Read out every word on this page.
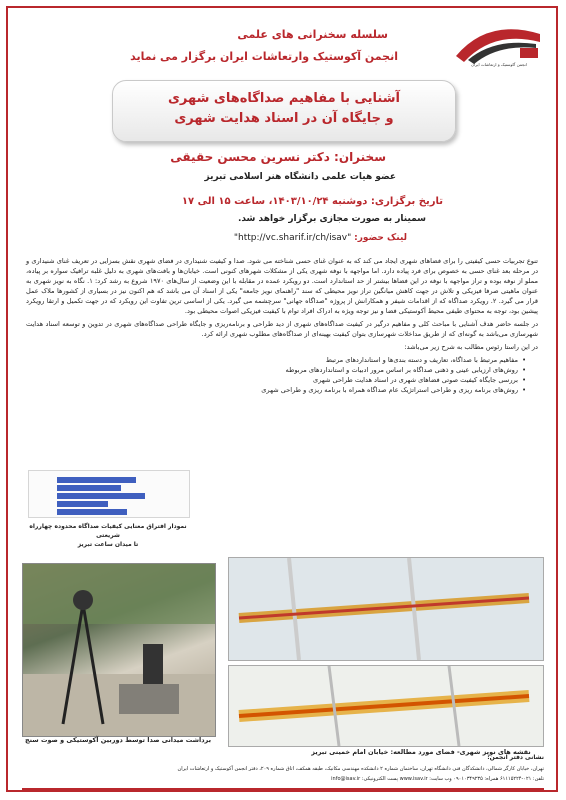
سلسله سخنرانی های علمی
انجمن آکوستیک وارتعاشات ایران برگزار می نماید
انجمن آکوستیک و ارتعاشات ایران
آشنایی با مفاهیم صداگاه‌های شهری
و جایگاه آن در اسناد هدایت شهری
سخنران: دکتر نسرین محسن حقیقی
عضو هیات علمی دانشگاه هنر اسلامی تبریز
تاریخ برگزاری: دوشنبه ۱۴۰۳/۱۰/۲۴، ساعت ۱۵ الی ۱۷
سمینار به صورت مجازی برگزار خواهد شد.
لینک حضور: "http://vc.sharif.ir/ch/isav"

تنوع تجربیات حسی کیفیتی را برای فضاهای شهری ایجاد می کند که به عنوان غنای حسی شناخته می شود. صدا و کیفیت شنیداری در فضای شهری نقش بسزایی در تعریف غنای شنیداری و در مرحله بعد غنای حسی به خصوص برای فرد پیاده دارد. اما مواجهه با نوفه شهری یکی از مشکلات شهرهای کنونی است. خیابان‌ها و بافت‌های شهری به دلیل غلبه ترافیک سواره بر پیاده، مملو از نوفه بوده و تراز مواجهه با نوفه در این فضاها بیشتر از حد استاندارد است. دو رویکرد عمده در مقابله با این وضعیت از سال‌های ۱۹۷۰ شروع به رشد کرد: ۱. نگاه به نویز شهری به عنوان ماهیتی صرفا فیزیکی و تلاش در جهت کاهش میانگین تراز نویز محیطی که سند "راهنمای نویز جامعه" یکی از اسناد آن می باشد که هم اکنون نیز در بسیاری از کشورها ملاک عمل قرار می گیرد. ۲. رویکرد صداگاه که از اقدامات شیفر و همکارانش از پروژه "صداگاه جهانی" سرچشمه می گیرد. یکی از اساسی ترین تفاوت این رویکرد که در جهت تکمیل و ارتقا رویکرد پیشین بود، توجه به محتوای طیفی محیط آکوستیکی فضا و نیز توجه ویژه به ادراک افراد توام با کیفیت فیزیکی اصوات محیطی بود.

در جلسه حاضر هدف آشنایی با مباحث کلی و مفاهیم درگیر در کیفیت صداگاه‌های شهری از دید طراحی و برنامه‌ریزی و جایگاه طراحی صداگاه‌های شهری در تدوین و توسعه اسناد هدایت شهرسازی می‌باشد به گونه‌ای که از طریق مداخلات شهرسازی بتوان کیفیت بهینه‌ای از صداگاه‌های مطلوب شهری ارائه کرد.

در این راستا رئوس مطالب به شرح زیر می‌باشد:

• مفاهیم مرتبط با صداگاه، تعاریف و دسته بندی‌ها و استانداردهای مرتبط
• روش‌های ارزیابی عینی و ذهنی صداگاه بر اساس مرور ادبیات و استانداردهای مربوطه
• بررسی جایگاه کیفیت صوتی فضاهای شهری در اسناد هدایت طراحی شهری
• روش‌های برنامه ریزی و طراحی استراتژیک عام صداگاه همراه با برنامه ریزی و طراحی شهری
نمودار افتراق معنایی کیفیات صداگاه محدوده چهارراه شریعتی
تا میدان ساعت تبریز
برداشت میدانی صدا توسط دوربین آکوستیکی و صوت سنج
نقشه های نویز شهری- فضای مورد مطالعه: خیابان امام خمینی تبریز
نشانی دفتر انجمن:
تهران، خیابان کارگر شمالی، دانشکدگان فنی دانشگاه تهران، ساختمان شماره ۲ دانشکده مهندسی مکانیک، طبقه همکف، اتاق شماره ۲۰۹، دفتر انجمن آکوستیک و ارتعاشات ایران
تلفن: ۰۲۱-۶۱۱۱۵۲۲۴ همراه: ۰۹۰۱۰۳۴۹۲۳۵ وب سایت: www.isav.ir پست الکترونیکی: info@isav.ir
